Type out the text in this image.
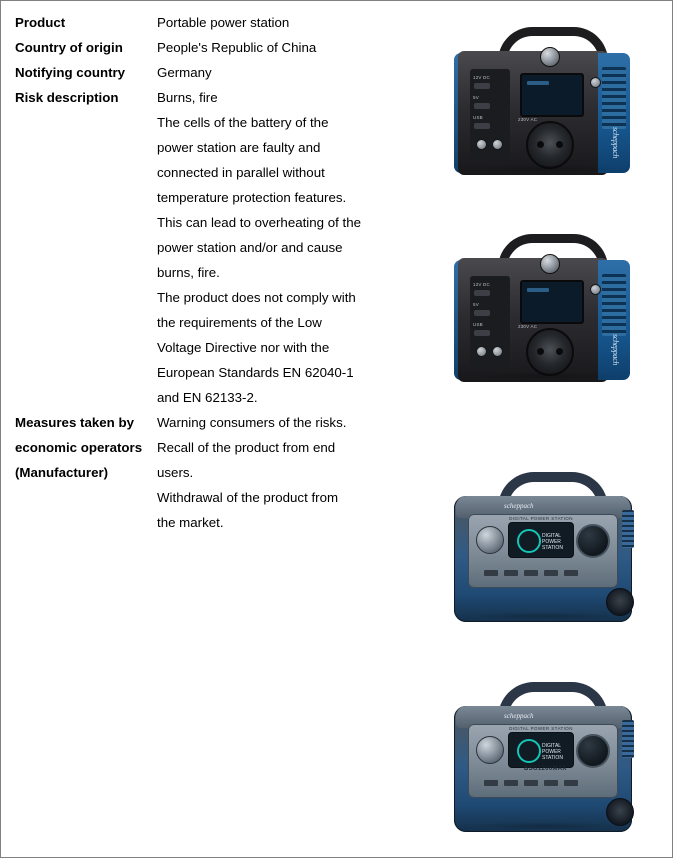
Product	Portable power station

Country of origin	People's Republic of China

Notifying country	Germany

Risk description	Burns, fire
The cells of the battery of the
power station are faulty and
connected in parallel without
temperature protection features.
This can lead to overheating of the
power station and/or and cause
burns, fire.
The product does not comply with
the requirements of the Low
Voltage Directive nor with the
European Standards EN 62040-1
and EN 62133-2.

Measures taken by economic operators (Manufacturer)	Warning consumers of the risks.
Recall of the product from end
users.
Withdrawal of the product from
the market.
scheppach
12V DC
5V
USB	230V AC
scheppach
12V DC
5V
USB	230V AC
scheppach
DIGITAL POWER STATION
DIGITAL POWER STATION
scheppach
DIGITAL POWER STATION
DIGITAL POWER STATION
BSG1200MAX
